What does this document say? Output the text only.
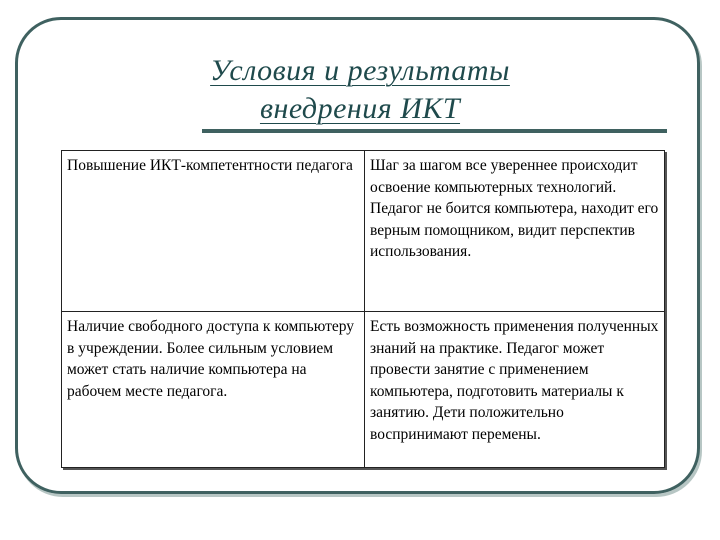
Условия и результаты
внедрения ИКТ
Повышение ИКТ-компетентности педагога	Шаг за шагом все увереннее происходит освоение компьютерных технологий. Педагог не боится компьютера, находит его верным помощником, видит перспектив использования.
Наличие свободного доступа к компьютеру в учреждении. Более сильным условием может стать наличие компьютера на рабочем месте педагога.	Есть возможность применения полученных знаний на практике. Педагог может провести занятие с применением компьютера, подготовить материалы к занятию. Дети положительно воспринимают перемены.
